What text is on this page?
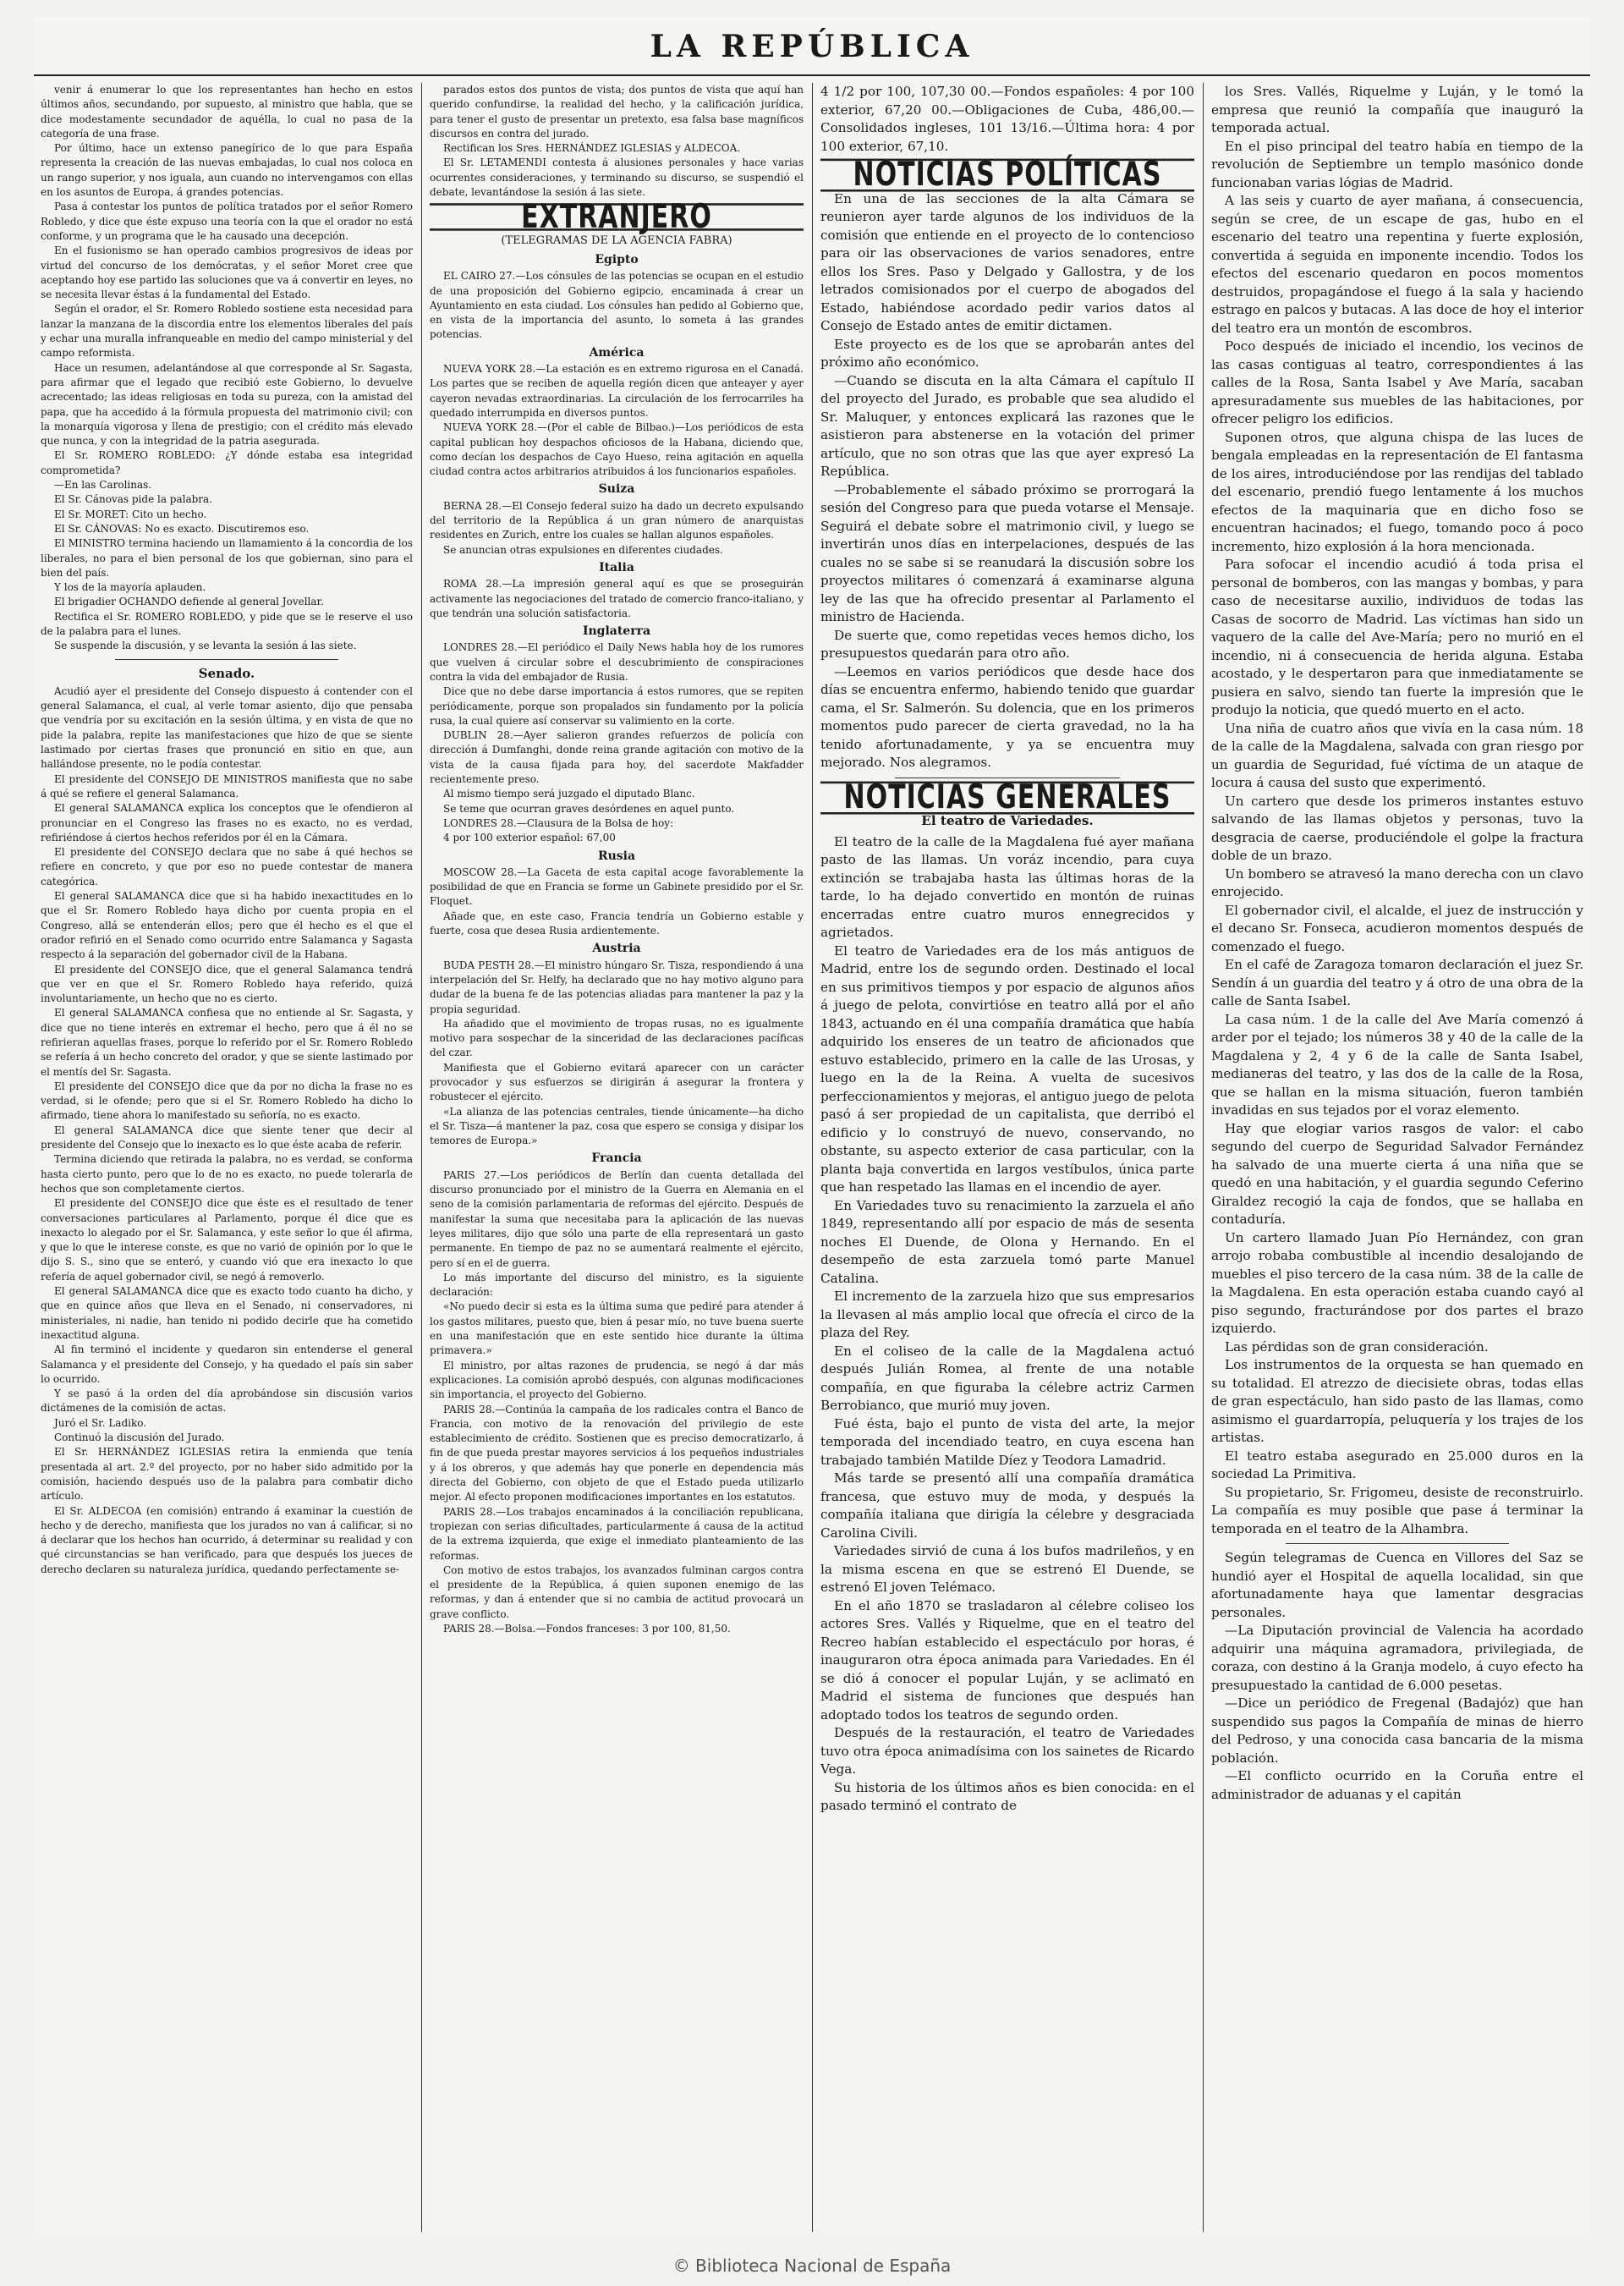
LA REPÚBLICA

venir á enumerar lo que los representantes han hecho en estos últimos años, secundando, por supuesto, al ministro que habla, que se dice modestamente secundador de aquélla, lo cual no pasa de la categoría de una frase.

Por último, hace un extenso panegírico de lo que para España representa la creación de las nuevas embajadas, lo cual nos coloca en un rango superior, y nos iguala, aun cuando no intervengamos con ellas en los asuntos de Europa, á grandes potencias.

Pasa á contestar los puntos de política tratados por el señor Romero Robledo, y dice que éste expuso una teoría con la que el orador no está conforme, y un programa que le ha causado una decepción.

En el fusionismo se han operado cambios progresivos de ideas por virtud del concurso de los demócratas, y el señor Moret cree que aceptando hoy ese partido las soluciones que va á convertir en leyes, no se necesita llevar éstas á la fundamental del Estado.

Según el orador, el Sr. Romero Robledo sostiene esta necesidad para lanzar la manzana de la discordia entre los elementos liberales del país y echar una muralla infranqueable en medio del campo ministerial y del campo reformista.

Hace un resumen, adelantándose al que corresponde al Sr. Sagasta, para afirmar que el legado que recibió este Gobierno, lo devuelve acrecentado; las ideas religiosas en toda su pureza, con la amistad del papa, que ha accedido á la fórmula propuesta del matrimonio civil; con la monarquía vigorosa y llena de prestigio; con el crédito más elevado que nunca, y con la integridad de la patria asegurada.

El Sr. ROMERO ROBLEDO: ¿Y dónde estaba esa integridad comprometida?

—En las Carolinas.

El Sr. Cánovas pide la palabra.

El Sr. MORET: Cito un hecho.

El Sr. CÁNOVAS: No es exacto. Discutiremos eso.

El MINISTRO termina haciendo un llamamiento á la concordia de los liberales, no para el bien personal de los que gobiernan, sino para el bien del país.

Y los de la mayoría aplauden.

El brigadier OCHANDO defiende al general Jovellar.

Rectifica el Sr. ROMERO ROBLEDO, y pide que se le reserve el uso de la palabra para el lunes.

Se suspende la discusión, y se levanta la sesión á las siete.

Senado.

Acudió ayer el presidente del Consejo dispuesto á contender con el general Salamanca, el cual, al verle tomar asiento, dijo que pensaba que vendría por su excitación en la sesión última, y en vista de que no pide la palabra, repite las manifestaciones que hizo de que se siente lastimado por ciertas frases que pronunció en sitio en que, aun hallándose presente, no le podía contestar.

El presidente del CONSEJO DE MINISTROS manifiesta que no sabe á qué se refiere el general Salamanca.

El general SALAMANCA explica los conceptos que le ofendieron al pronunciar en el Congreso las frases no es exacto, no es verdad, refiriéndose á ciertos hechos referidos por él en la Cámara.

El presidente del CONSEJO declara que no sabe á qué hechos se refiere en concreto, y que por eso no puede contestar de manera categórica.

El general SALAMANCA dice que si ha habido inexactitudes en lo que el Sr. Romero Robledo haya dicho por cuenta propia en el Congreso, allá se entenderán ellos; pero que él hecho es el que el orador refirió en el Senado como ocurrido entre Salamanca y Sagasta respecto á la separación del gobernador civil de la Habana.

El presidente del CONSEJO dice, que el general Salamanca tendrá que ver en que el Sr. Romero Robledo haya referido, quizá involuntariamente, un hecho que no es cierto.

El general SALAMANCA confiesa que no entiende al Sr. Sagasta, y dice que no tiene interés en extremar el hecho, pero que á él no se refirieran aquellas frases, porque lo referido por el Sr. Romero Robledo se refería á un hecho concreto del orador, y que se siente lastimado por el mentís del Sr. Sagasta.

El presidente del CONSEJO dice que da por no dicha la frase no es verdad, si le ofende; pero que si el Sr. Romero Robledo ha dicho lo afirmado, tiene ahora lo manifestado su señoría, no es exacto.

El general SALAMANCA dice que siente tener que decir al presidente del Consejo que lo inexacto es lo que éste acaba de referir.

Termina diciendo que retirada la palabra, no es verdad, se conforma hasta cierto punto, pero que lo de no es exacto, no puede tolerarla de hechos que son completamente ciertos.

El presidente del CONSEJO dice que éste es el resultado de tener conversaciones particulares al Parlamento, porque él dice que es inexacto lo alegado por el Sr. Salamanca, y este señor lo que él afirma, y que lo que le interese conste, es que no varió de opinión por lo que le dijo S. S., sino que se enteró, y cuando vió que era inexacto lo que refería de aquel gobernador civil, se negó á removerlo.

El general SALAMANCA dice que es exacto todo cuanto ha dicho, y que en quince años que lleva en el Senado, ni conservadores, ni ministeriales, ni nadie, han tenido ni podido decirle que ha cometido inexactitud alguna.

Al fin terminó el incidente y quedaron sin entenderse el general Salamanca y el presidente del Consejo, y ha quedado el país sin saber lo ocurrido.

Y se pasó á la orden del día aprobándose sin discusión varios dictámenes de la comisión de actas.

Juró el Sr. Ladiko.

Continuó la discusión del Jurado.

El Sr. HERNÁNDEZ IGLESIAS retira la enmienda que tenía presentada al art. 2.º del proyecto, por no haber sido admitido por la comisión, haciendo después uso de la palabra para combatir dicho artículo.

El Sr. ALDECOA (en comisión) entrando á examinar la cuestión de hecho y de derecho, manifiesta que los jurados no van á calificar, si no á declarar que los hechos han ocurrido, á determinar su realidad y con qué circunstancias se han verificado, para que después los jueces de derecho declaren su naturaleza jurídica, quedando perfectamente se-

parados estos dos puntos de vista; dos puntos de vista que aquí han querido confundirse, la realidad del hecho, y la calificación jurídica, para tener el gusto de presentar un pretexto, esa falsa base magníficos discursos en contra del jurado.

Rectifican los Sres. HERNÁNDEZ IGLESIAS y ALDECOA.

El Sr. LETAMENDI contesta á alusiones personales y hace varias ocurrentes consideraciones, y terminando su discurso, se suspendió el debate, levantándose la sesión á las siete.

EXTRANJERO
(TELEGRAMAS DE LA AGENCIA FABRA)
Egipto

EL CAIRO 27.—Los cónsules de las potencias se ocupan en el estudio de una proposición del Gobierno egipcio, encaminada á crear un Ayuntamiento en esta ciudad. Los cónsules han pedido al Gobierno que, en vista de la importancia del asunto, lo someta á las grandes potencias.

América

NUEVA YORK 28.—La estación es en extremo rigurosa en el Canadá. Los partes que se reciben de aquella región dicen que anteayer y ayer cayeron nevadas extraordinarias. La circulación de los ferrocarriles ha quedado interrumpida en diversos puntos.

NUEVA YORK 28.—(Por el cable de Bilbao.)—Los periódicos de esta capital publican hoy despachos oficiosos de la Habana, diciendo que, como decían los despachos de Cayo Hueso, reina agitación en aquella ciudad contra actos arbitrarios atribuidos á los funcionarios españoles.

Suiza

BERNA 28.—El Consejo federal suizo ha dado un decreto expulsando del territorio de la República á un gran número de anarquistas residentes en Zurich, entre los cuales se hallan algunos españoles.

Se anuncian otras expulsiones en diferentes ciudades.

Italia

ROMA 28.—La impresión general aquí es que se proseguirán activamente las negociaciones del tratado de comercio franco-italiano, y que tendrán una solución satisfactoria.

Inglaterra

LONDRES 28.—El periódico el Daily News habla hoy de los rumores que vuelven á circular sobre el descubrimiento de conspiraciones contra la vida del embajador de Rusia.

Dice que no debe darse importancia á estos rumores, que se repiten periódicamente, porque son propalados sin fundamento por la policía rusa, la cual quiere así conservar su valimiento en la corte.

DUBLIN 28.—Ayer salieron grandes refuerzos de policía con dirección á Dumfanghi, donde reina grande agitación con motivo de la vista de la causa fijada para hoy, del sacerdote Makfadder recientemente preso.

Al mismo tiempo será juzgado el diputado Blanc.

Se teme que ocurran graves desórdenes en aquel punto.

LONDRES 28.—Clausura de la Bolsa de hoy:

4 por 100 exterior español: 67,00

Rusia

MOSCOW 28.—La Gaceta de esta capital acoge favorablemente la posibilidad de que en Francia se forme un Gabinete presidido por el Sr. Floquet.

Añade que, en este caso, Francia tendría un Gobierno estable y fuerte, cosa que desea Rusia ardientemente.

Austria

BUDA PESTH 28.—El ministro húngaro Sr. Tisza, respondiendo á una interpelación del Sr. Helfy, ha declarado que no hay motivo alguno para dudar de la buena fe de las potencias aliadas para mantener la paz y la propia seguridad.

Ha añadido que el movimiento de tropas rusas, no es igualmente motivo para sospechar de la sinceridad de las declaraciones pacíficas del czar.

Manifiesta que el Gobierno evitará aparecer con un carácter provocador y sus esfuerzos se dirigirán á asegurar la frontera y robustecer el ejército.

«La alianza de las potencias centrales, tiende únicamente—ha dicho el Sr. Tisza—á mantener la paz, cosa que espero se consiga y disipar los temores de Europa.»

Francia

PARIS 27.—Los periódicos de Berlín dan cuenta detallada del discurso pronunciado por el ministro de la Guerra en Alemania en el seno de la comisión parlamentaria de reformas del ejército. Después de manifestar la suma que necesitaba para la aplicación de las nuevas leyes militares, dijo que sólo una parte de ella representará un gasto permanente. En tiempo de paz no se aumentará realmente el ejército, pero sí en el de guerra.

Lo más importante del discurso del ministro, es la siguiente declaración:

«No puedo decir si esta es la última suma que pediré para atender á los gastos militares, puesto que, bien á pesar mío, no tuve buena suerte en una manifestación que en este sentido hice durante la última primavera.»

El ministro, por altas razones de prudencia, se negó á dar más explicaciones. La comisión aprobó después, con algunas modificaciones sin importancia, el proyecto del Gobierno.

PARIS 28.—Continúa la campaña de los radicales contra el Banco de Francia, con motivo de la renovación del privilegio de este establecimiento de crédito. Sostienen que es preciso democratizarlo, á fin de que pueda prestar mayores servicios á los pequeños industriales y á los obreros, y que además hay que ponerle en dependencia más directa del Gobierno, con objeto de que el Estado pueda utilizarlo mejor. Al efecto proponen modificaciones importantes en los estatutos.

PARIS 28.—Los trabajos encaminados á la conciliación republicana, tropiezan con serias dificultades, particularmente á causa de la actitud de la extrema izquierda, que exige el inmediato planteamiento de las reformas.

Con motivo de estos trabajos, los avanzados fulminan cargos contra el presidente de la República, á quien suponen enemigo de las reformas, y dan á entender que si no cambia de actitud provocará un grave conflicto.

PARIS 28.—Bolsa.—Fondos franceses: 3 por 100, 81,50.

4 1/2 por 100, 107,30 00.—Fondos españoles: 4 por 100 exterior, 67,20 00.—Obligaciones de Cuba, 486,00.—Consolidados ingleses, 101 13/16.—Última hora: 4 por 100 exterior, 67,10.

NOTICIAS POLÍTICAS

En una de las secciones de la alta Cámara se reunieron ayer tarde algunos de los individuos de la comisión que entiende en el proyecto de lo contencioso para oir las observaciones de varios senadores, entre ellos los Sres. Paso y Delgado y Gallostra, y de los letrados comisionados por el cuerpo de abogados del Estado, habiéndose acordado pedir varios datos al Consejo de Estado antes de emitir dictamen.

Este proyecto es de los que se aprobarán antes del próximo año económico.

—Cuando se discuta en la alta Cámara el capítulo II del proyecto del Jurado, es probable que sea aludido el Sr. Maluquer, y entonces explicará las razones que le asistieron para abstenerse en la votación del primer artículo, que no son otras que las que ayer expresó La República.

—Probablemente el sábado próximo se prorrogará la sesión del Congreso para que pueda votarse el Mensaje. Seguirá el debate sobre el matrimonio civil, y luego se invertirán unos días en interpelaciones, después de las cuales no se sabe si se reanudará la discusión sobre los proyectos militares ó comenzará á examinarse alguna ley de las que ha ofrecido presentar al Parlamento el ministro de Hacienda.

De suerte que, como repetidas veces hemos dicho, los presupuestos quedarán para otro año.

—Leemos en varios periódicos que desde hace dos días se encuentra enfermo, habiendo tenido que guardar cama, el Sr. Salmerón. Su dolencia, que en los primeros momentos pudo parecer de cierta gravedad, no la ha tenido afortunadamente, y ya se encuentra muy mejorado. Nos alegramos.

NOTICIAS GENERALES
El teatro de Variedades.

El teatro de la calle de la Magdalena fué ayer mañana pasto de las llamas. Un voráz incendio, para cuya extinción se trabajaba hasta las últimas horas de la tarde, lo ha dejado convertido en montón de ruinas encerradas entre cuatro muros ennegrecidos y agrietados.

El teatro de Variedades era de los más antiguos de Madrid, entre los de segundo orden. Destinado el local en sus primitivos tiempos y por espacio de algunos años á juego de pelota, convirtióse en teatro allá por el año 1843, actuando en él una compañía dramática que había adquirido los enseres de un teatro de aficionados que estuvo establecido, primero en la calle de las Urosas, y luego en la de la Reina. A vuelta de sucesivos perfeccionamientos y mejoras, el antiguo juego de pelota pasó á ser propiedad de un capitalista, que derribó el edificio y lo construyó de nuevo, conservando, no obstante, su aspecto exterior de casa particular, con la planta baja convertida en largos vestíbulos, única parte que han respetado las llamas en el incendio de ayer.

En Variedades tuvo su renacimiento la zarzuela el año 1849, representando allí por espacio de más de sesenta noches El Duende, de Olona y Hernando. En el desempeño de esta zarzuela tomó parte Manuel Catalina.

El incremento de la zarzuela hizo que sus empresarios la llevasen al más amplio local que ofrecía el circo de la plaza del Rey.

En el coliseo de la calle de la Magdalena actuó después Julián Romea, al frente de una notable compañía, en que figuraba la célebre actriz Carmen Berrobianco, que murió muy joven.

Fué ésta, bajo el punto de vista del arte, la mejor temporada del incendiado teatro, en cuya escena han trabajado también Matilde Díez y Teodora Lamadrid.

Más tarde se presentó allí una compañía dramática francesa, que estuvo muy de moda, y después la compañía italiana que dirigía la célebre y desgraciada Carolina Civili.

Variedades sirvió de cuna á los bufos madrileños, y en la misma escena en que se estrenó El Duende, se estrenó El joven Telémaco.

En el año 1870 se trasladaron al célebre coliseo los actores Sres. Vallés y Riquelme, que en el teatro del Recreo habían establecido el espectáculo por horas, é inauguraron otra época animada para Variedades. En él se dió á conocer el popular Luján, y se aclimató en Madrid el sistema de funciones que después han adoptado todos los teatros de segundo orden.

Después de la restauración, el teatro de Variedades tuvo otra época animadísima con los sainetes de Ricardo Vega.

Su historia de los últimos años es bien conocida: en el pasado terminó el contrato de

los Sres. Vallés, Riquelme y Luján, y le tomó la empresa que reunió la compañía que inauguró la temporada actual.

En el piso principal del teatro había en tiempo de la revolución de Septiembre un templo masónico donde funcionaban varias lógias de Madrid.

A las seis y cuarto de ayer mañana, á consecuencia, según se cree, de un escape de gas, hubo en el escenario del teatro una repentina y fuerte explosión, convertida á seguida en imponente incendio. Todos los efectos del escenario quedaron en pocos momentos destruidos, propagándose el fuego á la sala y haciendo estrago en palcos y butacas. A las doce de hoy el interior del teatro era un montón de escombros.

Poco después de iniciado el incendio, los vecinos de las casas contiguas al teatro, correspondientes á las calles de la Rosa, Santa Isabel y Ave María, sacaban apresuradamente sus muebles de las habitaciones, por ofrecer peligro los edificios.

Suponen otros, que alguna chispa de las luces de bengala empleadas en la representación de El fantasma de los aires, introduciéndose por las rendijas del tablado del escenario, prendió fuego lentamente á los muchos efectos de la maquinaria que en dicho foso se encuentran hacinados; el fuego, tomando poco á poco incremento, hizo explosión á la hora mencionada.

Para sofocar el incendio acudió á toda prisa el personal de bomberos, con las mangas y bombas, y para caso de necesitarse auxilio, individuos de todas las Casas de socorro de Madrid. Las víctimas han sido un vaquero de la calle del Ave-María; pero no murió en el incendio, ni á consecuencia de herida alguna. Estaba acostado, y le despertaron para que inmediatamente se pusiera en salvo, siendo tan fuerte la impresión que le produjo la noticia, que quedó muerto en el acto.

Una niña de cuatro años que vivía en la casa núm. 18 de la calle de la Magdalena, salvada con gran riesgo por un guardia de Seguridad, fué víctima de un ataque de locura á causa del susto que experimentó.

Un cartero que desde los primeros instantes estuvo salvando de las llamas objetos y personas, tuvo la desgracia de caerse, produciéndole el golpe la fractura doble de un brazo.

Un bombero se atravesó la mano derecha con un clavo enrojecido.

El gobernador civil, el alcalde, el juez de instrucción y el decano Sr. Fonseca, acudieron momentos después de comenzado el fuego.

En el café de Zaragoza tomaron declaración el juez Sr. Sendín á un guardia del teatro y á otro de una obra de la calle de Santa Isabel.

La casa núm. 1 de la calle del Ave María comenzó á arder por el tejado; los números 38 y 40 de la calle de la Magdalena y 2, 4 y 6 de la calle de Santa Isabel, medianeras del teatro, y las dos de la calle de la Rosa, que se hallan en la misma situación, fueron también invadidas en sus tejados por el voraz elemento.

Hay que elogiar varios rasgos de valor: el cabo segundo del cuerpo de Seguridad Salvador Fernández ha salvado de una muerte cierta á una niña que se quedó en una habitación, y el guardia segundo Ceferino Giraldez recogió la caja de fondos, que se hallaba en contaduría.

Un cartero llamado Juan Pío Hernández, con gran arrojo robaba combustible al incendio desalojando de muebles el piso tercero de la casa núm. 38 de la calle de la Magdalena. En esta operación estaba cuando cayó al piso segundo, fracturándose por dos partes el brazo izquierdo.

Las pérdidas son de gran consideración.

Los instrumentos de la orquesta se han quemado en su totalidad. El atrezzo de diecisiete obras, todas ellas de gran espectáculo, han sido pasto de las llamas, como asimismo el guardarropía, peluquería y los trajes de los artistas.

El teatro estaba asegurado en 25.000 duros en la sociedad La Primitiva.

Su propietario, Sr. Frigomeu, desiste de reconstruirlo. La compañía es muy posible que pase á terminar la temporada en el teatro de la Alhambra.

Según telegramas de Cuenca en Villores del Saz se hundió ayer el Hospital de aquella localidad, sin que afortunadamente haya que lamentar desgracias personales.

—La Diputación provincial de Valencia ha acordado adquirir una máquina agramadora, privilegiada, de coraza, con destino á la Granja modelo, á cuyo efecto ha presupuestado la cantidad de 6.000 pesetas.

—Dice un periódico de Fregenal (Badajóz) que han suspendido sus pagos la Compañía de minas de hierro del Pedroso, y una conocida casa bancaria de la misma población.

—El conflicto ocurrido en la Coruña entre el administrador de aduanas y el capitán

© Biblioteca Nacional de España
